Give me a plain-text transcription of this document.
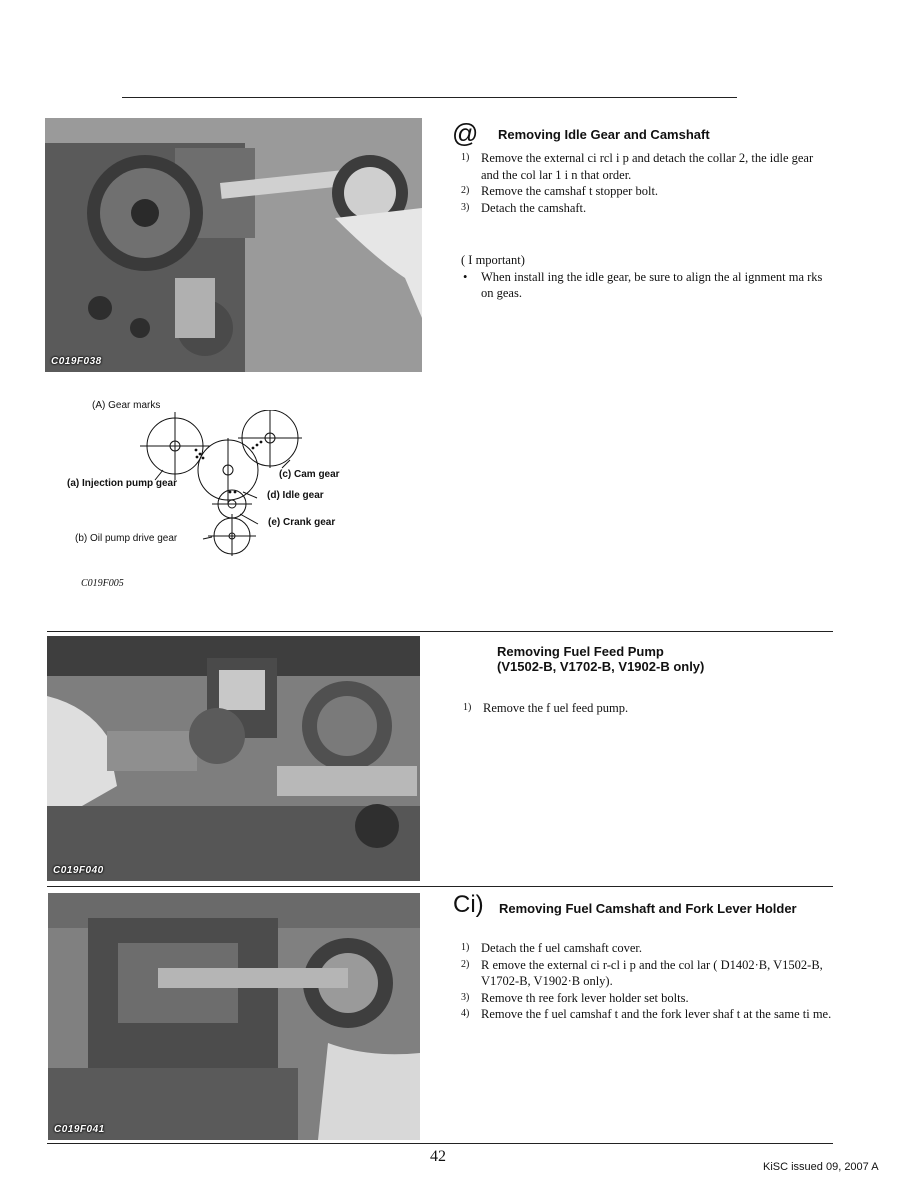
C019F038
@ Removing Idle Gear and Camshaft
1) Remove the external ci rcl i p and detach the collar 2, the idle gear and the col lar 1 i n that order.
2) Remove the camshaf t stopper bolt.
3) Detach the camshaft.
( I mportant)
• When install ing the idle gear, be sure to align the al ignment ma rks on geas.
(A) Gear marks
(c) Cam gear
(a) Injection pump gear
(d) Idle gear
(e) Crank gear
(b) Oil pump drive gear
C019F005
C019F040
Removing Fuel Feed Pump
(V1502-B, V1702-B, V1902-B only)
1) Remove the f uel feed pump.
C019F041
Ci) Removing Fuel Camshaft and Fork Lever Holder
1) Detach the f uel camshaft cover.
2) R emove the external ci r-cl i p and the col lar ( D1402·B, V1502-B, V1702-B, V1902·B only).
3) Remove th ree fork lever holder set bolts.
4) Remove the f uel camshaf t and the fork lever shaf t at the same ti me.
42
KiSC issued 09, 2007 A
